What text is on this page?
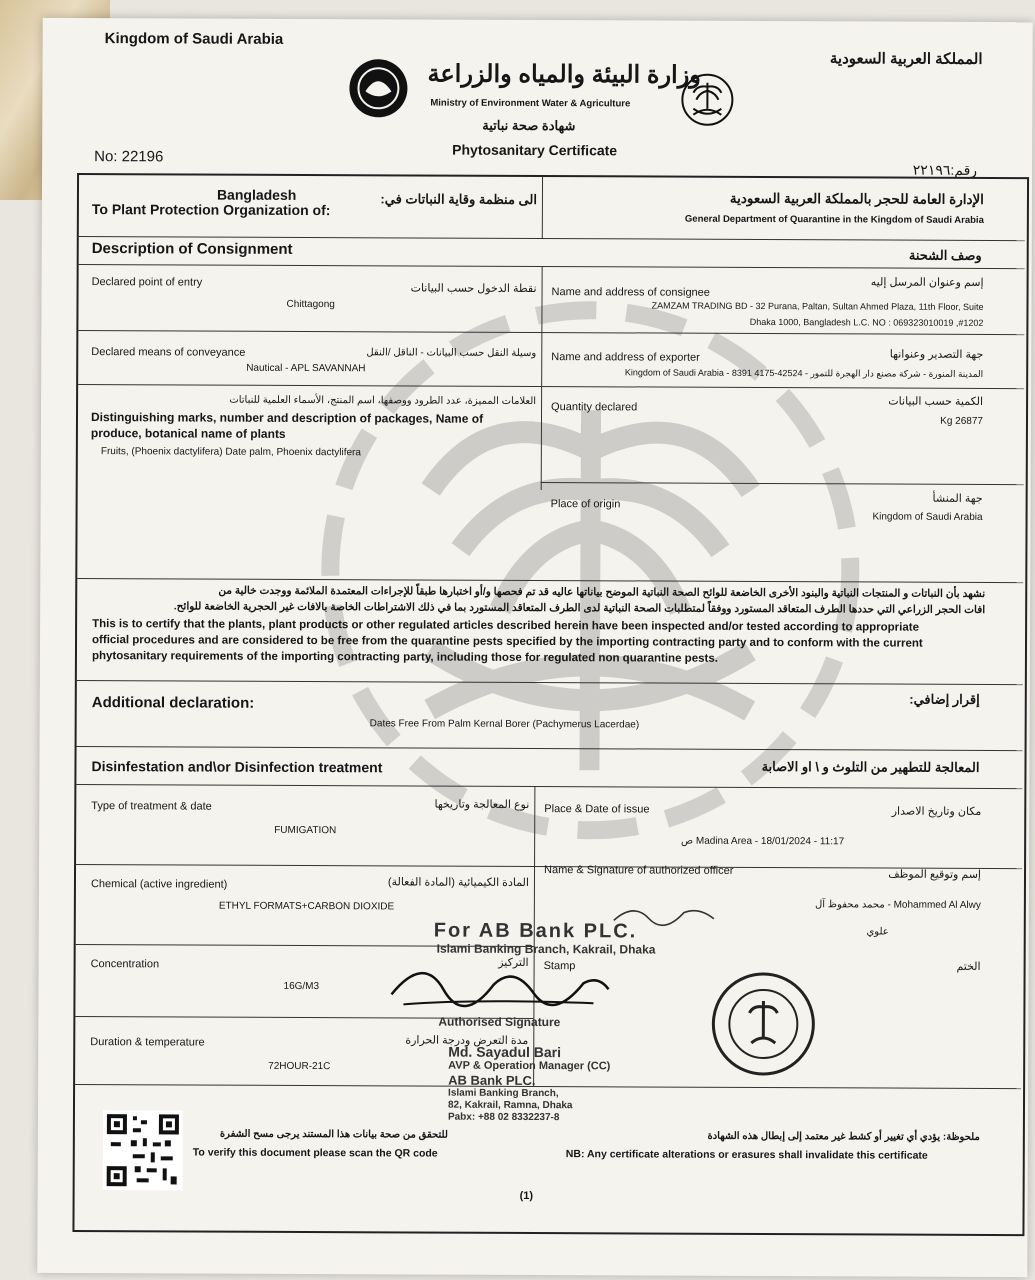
Kingdom of Saudi Arabia
المملكة العربية السعودية
وزارة البيئة والمياه والزراعة
Ministry of Environment Water & Agriculture
شهادة صحة نباتية
Phytosanitary Certificate
No: 22196
رقم:٢٢١٩٦
Bangladesh
To Plant Protection Organization of:
الى منظمة وقاية النباتات في:	الإدارة العامة للحجر بالمملكة العربية السعودية
General Department of Quarantine in the Kingdom of Saudi Arabia
Description of Consignment	وصف الشحنة
Declared point of entry
نقطة الدخول حسب البيانات
Chittagong
إسم وعنوان المرسل إليه
Name and address of consignee
ZAMZAM TRADING BD - 32 Purana, Paltan, Sultan Ahmed Plaza, 11th Floor, Suite
#1202, Dhaka 1000, Bangladesh L.C. NO : 069323010019
Declared means of conveyance	وسيلة النقل حسب البيانات - الناقل /النقل
Nautical - APL SAVANNAH
جهة التصدير وعنوانها
Name and address of exporter
المدينة المنورة - شركة مصنع دار الهجرة للتمور - Kingdom of Saudi Arabia - 8391 4175-42524
العلامات المميزة، عدد الطرود ووصفها، اسم المنتج، الأسماء العلمية للنباتات
Distinguishing marks, number and description of packages, Name of
produce, botanical name of plants
Fruits, (Phoenix dactylifera) Date palm, Phoenix dactylifera
الكمية حسب البيانات
Quantity declared
Kg 26877
جهة المنشأ
Place of origin
Kingdom of Saudi Arabia
نشهد بأن النباتات و المنتجات النباتية والبنود الأخرى الخاضعة للوائح الصحة النباتية الموضح بياناتها عاليه قد تم فحصها و/أو اختبارها طبقاً للإجراءات المعتمدة الملائمة ووجدت خالية من
افات الحجر الزراعي التي حددها الطرف المتعاقد المستورد ووفقاً لمتطلبات الصحة النباتية لدى الطرف المتعاقد المستورد بما في ذلك الاشتراطات الخاصة بالافات غير الحجرية الخاضعة للوائح.
This is to certify that the plants, plant products or other regulated articles described herein have been inspected and/or tested according to appropriate
official procedures and are considered to be free from the quarantine pests specified by the importing contracting party and to conform with the current
phytosanitary requirements of the importing contracting party, including those for regulated non quarantine pests.
Additional declaration:	إقرار إضافي:
Dates Free From Palm Kernal Borer (Pachymerus Lacerdae)
Disinfestation and\or Disinfection treatment	المعالجة للتطهير من التلوث و \ او الاصابة
Type of treatment & date	نوع المعالجة وتاريخها
FUMIGATION
Place & Date of issue	مكان وتاريخ الاصدار
Madina Area - 18/01/2024 - 11:17 ص
Chemical (active ingredient)	المادة الكيميائية (المادة الفعالة)
ETHYL FORMATS+CARBON DIOXIDE
Name & Signature of authorized officer	إسم وتوقيع الموظف
Mohammed Al Alwy - محمد محفوظ آل
علوي
Concentration	التركيز
16G/M3
Stamp	الختم
Duration & temperature	مدة التعرض ودرجة الحرارة
72HOUR-21C
For AB Bank PLC.
Islami Banking Branch, Kakrail, Dhaka
Authorised Signature
Md. Sayadul Bari
AVP & Operation Manager (CC)
AB Bank PLC.
Islami Banking Branch,
82, Kakrail, Ramna, Dhaka
Pabx: +88 02 8332237-8
للتحقق من صحة بيانات هذا المستند يرجى مسح الشفرة
To verify this document please scan the QR code
ملحوظة: يؤدي أي تغيير أو كشط غير معتمد إلى إبطال هذه الشهادة
NB: Any certificate alterations or erasures shall invalidate this certificate
(1)
